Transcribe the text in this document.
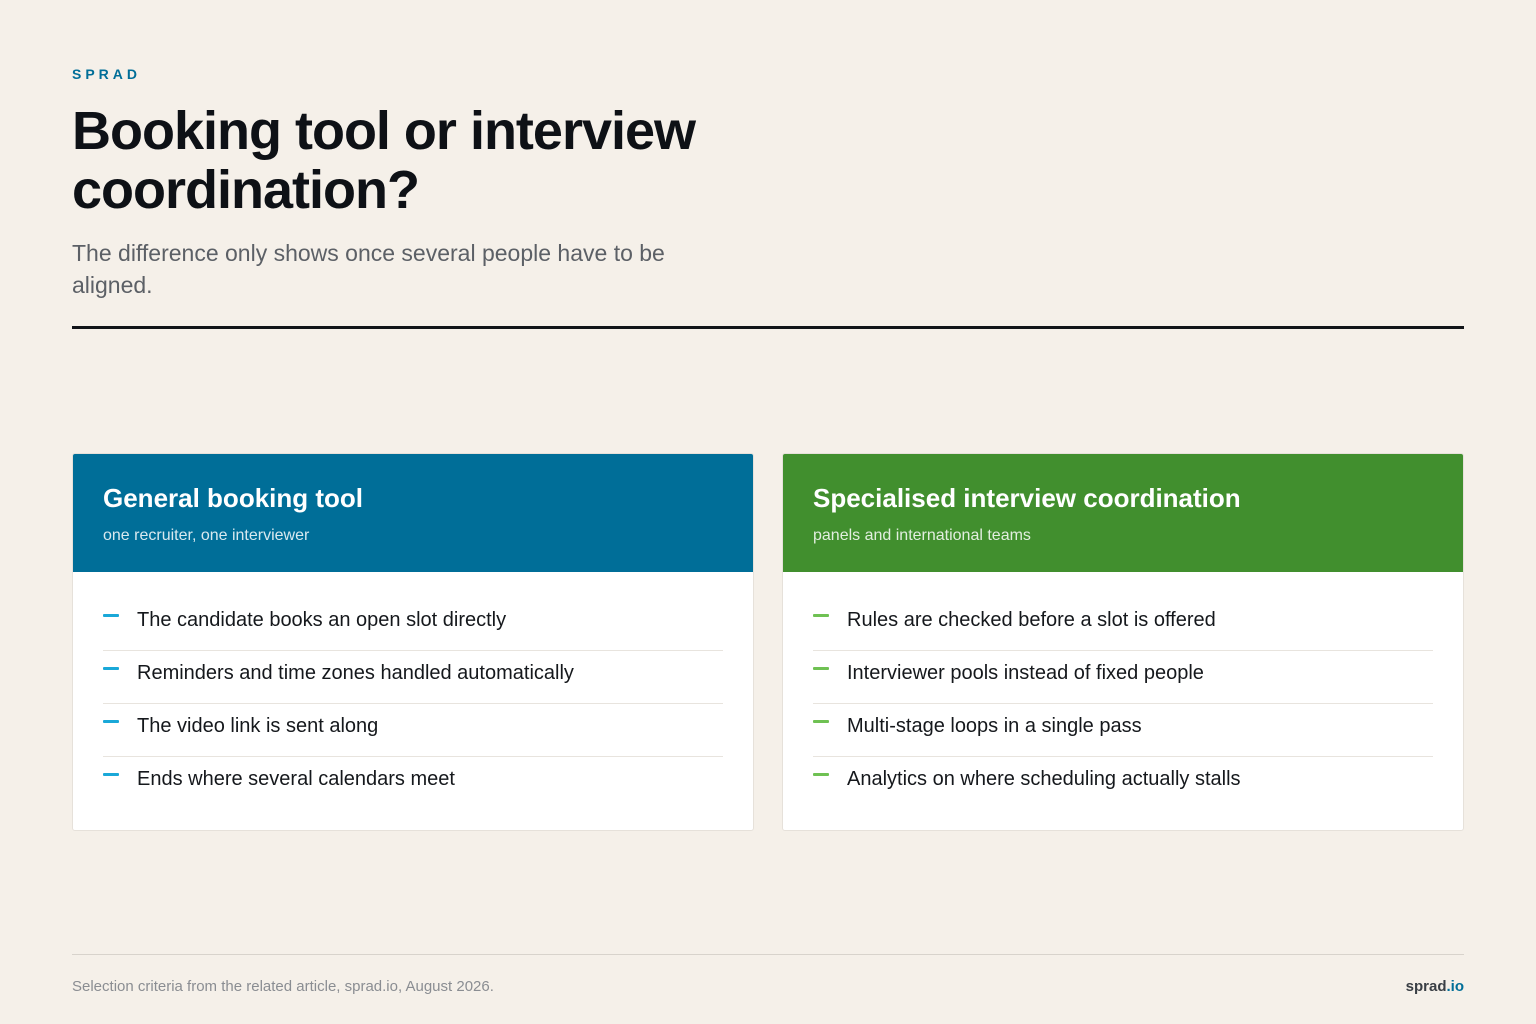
SPRAD
Booking tool or interview coordination?

The difference only shows once several people have to be aligned.

General booking tool
one recruiter, one interviewer
The candidate books an open slot directly
Reminders and time zones handled automatically
The video link is sent along
Ends where several calendars meet
Specialised interview coordination
panels and international teams
Rules are checked before a slot is offered
Interviewer pools instead of fixed people
Multi-stage loops in a single pass
Analytics on where scheduling actually stalls
Selection criteria from the related article, sprad.io, August 2026.	sprad.io
